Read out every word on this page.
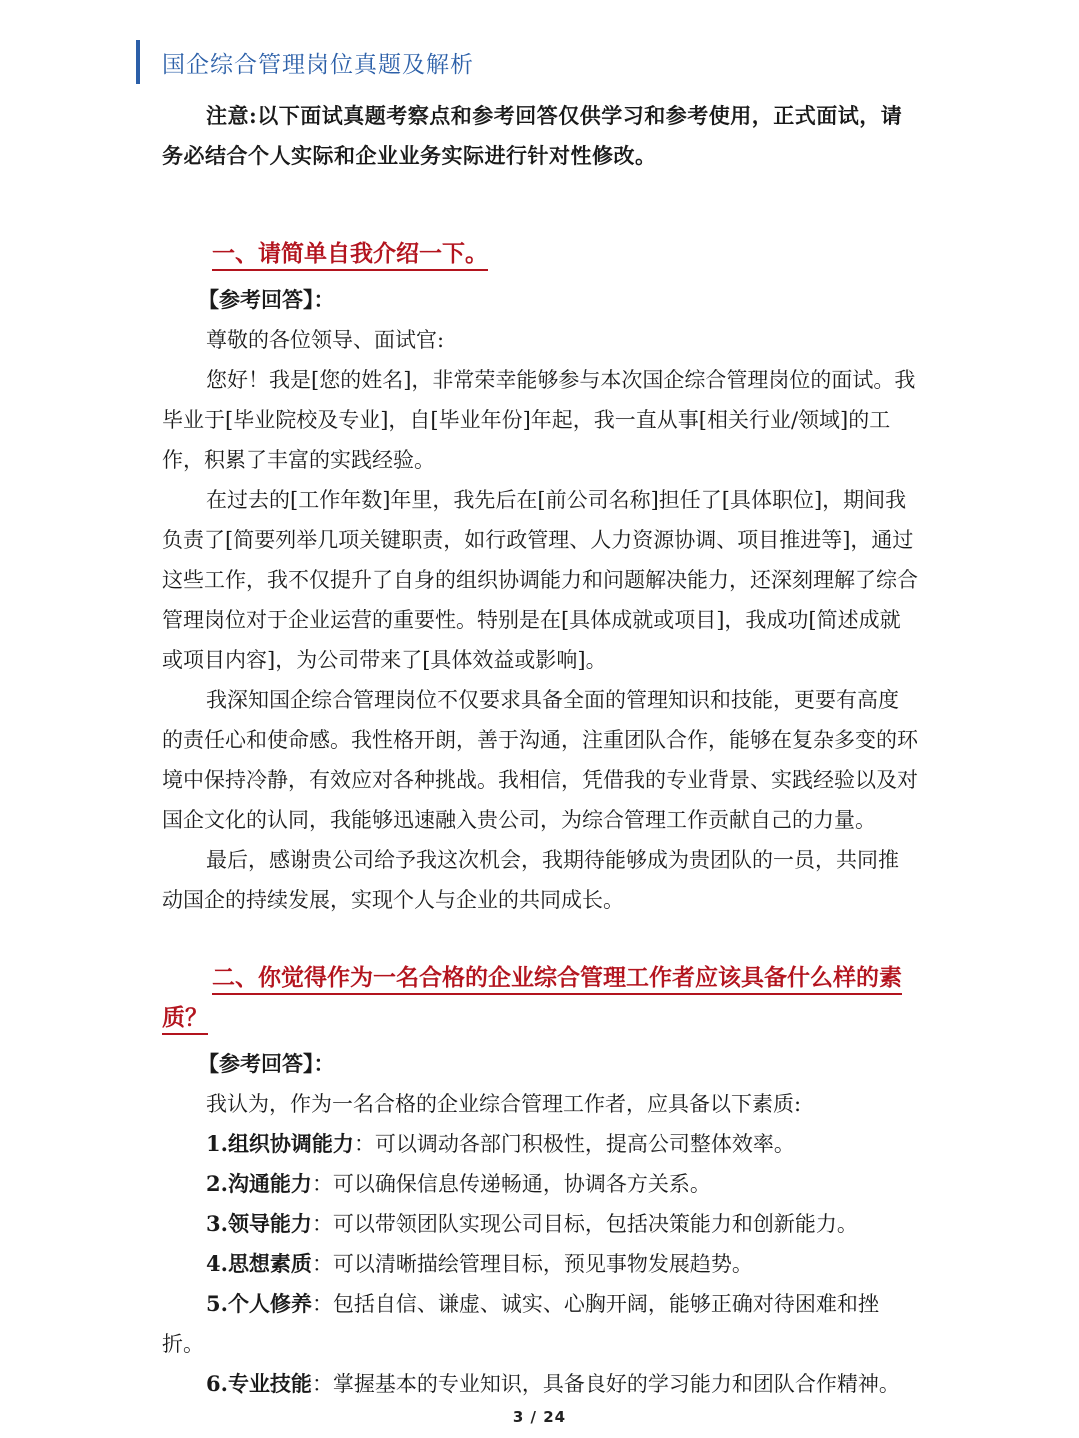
国企综合管理岗位真题及解析

注意:以下面试真题考察点和参考回答仅供学习和参考使用，正式面试，请务必结合个人实际和企业业务实际进行针对性修改。

一、请简单自我介绍一下。

【参考回答】：

尊敬的各位领导、面试官:

您好！我是[您的姓名]，非常荣幸能够参与本次国企综合管理岗位的面试。我毕业于[毕业院校及专业]，自[毕业年份]年起，我一直从事[相关行业/领域]的工作，积累了丰富的实践经验。

在过去的[工作年数]年里，我先后在[前公司名称]担任了[具体职位]，期间我负责了[简要列举几项关键职责，如行政管理、人力资源协调、项目推进等]，通过这些工作，我不仅提升了自身的组织协调能力和问题解决能力，还深刻理解了综合管理岗位对于企业运营的重要性。特别是在[具体成就或项目]，我成功[简述成就或项目内容]，为公司带来了[具体效益或影响]。

我深知国企综合管理岗位不仅要求具备全面的管理知识和技能，更要有高度的责任心和使命感。我性格开朗，善于沟通，注重团队合作，能够在复杂多变的环境中保持冷静，有效应对各种挑战。我相信，凭借我的专业背景、实践经验以及对国企文化的认同，我能够迅速融入贵公司，为综合管理工作贡献自己的力量。

最后，感谢贵公司给予我这次机会，我期待能够成为贵团队的一员，共同推动国企的持续发展，实现个人与企业的共同成长。

二、你觉得作为一名合格的企业综合管理工作者应该具备什么样的素质？

【参考回答】：

我认为，作为一名合格的企业综合管理工作者，应具备以下素质:

1.组织协调能力：可以调动各部门积极性，提高公司整体效率。

2.沟通能力：可以确保信息传递畅通，协调各方关系。

3.领导能力：可以带领团队实现公司目标，包括决策能力和创新能力。

4.思想素质：可以清晰描绘管理目标，预见事物发展趋势。

5.个人修养：包括自信、谦虚、诚实、心胸开阔，能够正确对待困难和挫折。

6.专业技能：掌握基本的专业知识，具备良好的学习能力和团队合作精神。

3 / 24
